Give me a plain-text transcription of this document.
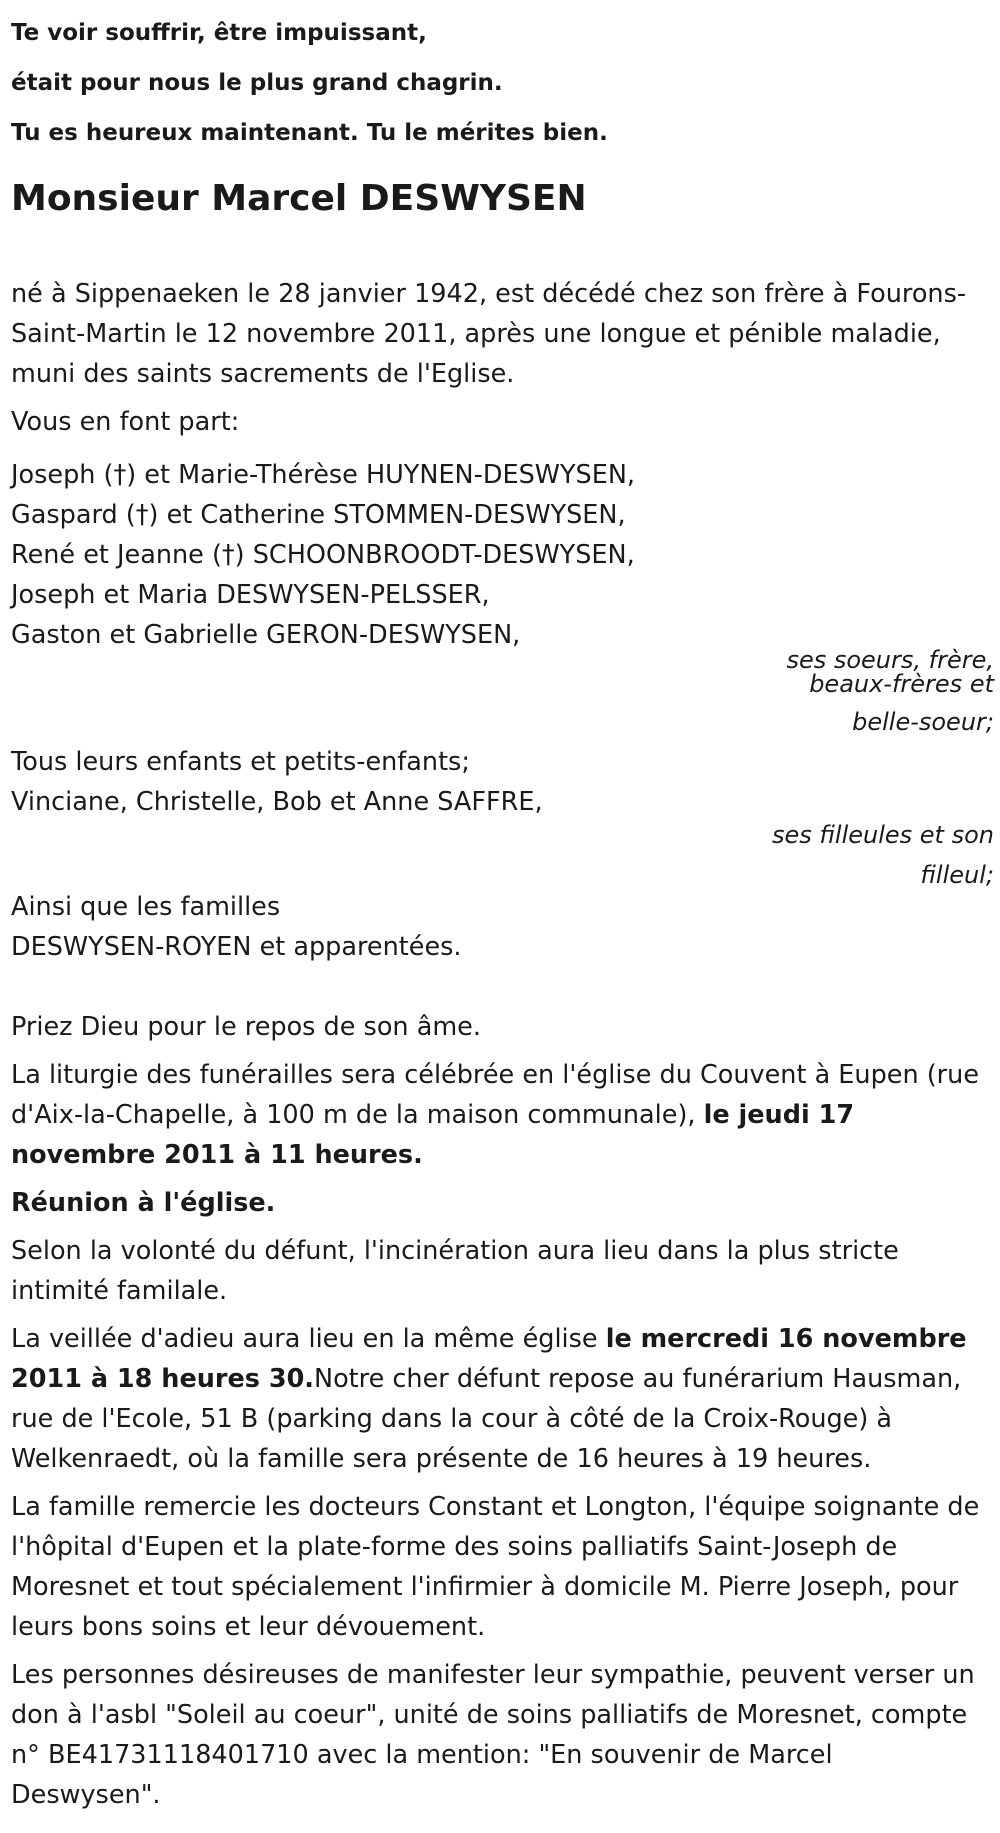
Te voir souffrir, être impuissant,
était pour nous le plus grand chagrin.
Tu es heureux maintenant. Tu le mérites bien.
Monsieur Marcel DESWYSEN

né à Sippenaeken le 28 janvier 1942, est décédé chez son frère à Fourons-Saint-Martin le 12 novembre 2011, après une longue et pénible maladie, muni des saints sacrements de l'Eglise.

Vous en font part:

Joseph (†) et Marie-Thérèse HUYNEN-DESWYSEN,
Gaspard (†) et Catherine STOMMEN-DESWYSEN,
René et Jeanne (†) SCHOONBROODT-DESWYSEN,
Joseph et Maria DESWYSEN-PELSSER,
Gaston et Gabrielle GERON-DESWYSEN,
ses soeurs, frère,
beaux-frères et
belle-soeur;
Tous leurs enfants et petits-enfants;
Vinciane, Christelle, Bob et Anne SAFFRE,
ses filleules et son
filleul;
Ainsi que les familles
DESWYSEN-ROYEN et apparentées.

Priez Dieu pour le repos de son âme.

La liturgie des funérailles sera célébrée en l'église du Couvent à Eupen (rue d'Aix-la-Chapelle, à 100 m de la maison communale), le jeudi 17 novembre 2011 à 11 heures.

Réunion à l'église.

Selon la volonté du défunt, l'incinération aura lieu dans la plus stricte intimité familale.

La veillée d'adieu aura lieu en la même église le mercredi 16 novembre 2011 à 18 heures 30.Notre cher défunt repose au funérarium Hausman, rue de l'Ecole, 51 B (parking dans la cour à côté de la Croix-Rouge) à Welkenraedt, où la famille sera présente de 16 heures à 19 heures.

La famille remercie les docteurs Constant et Longton, l'équipe soignante de l'hôpital d'Eupen et la plate-forme des soins palliatifs Saint-Joseph de Moresnet et tout spécialement l'infirmier à domicile M. Pierre Joseph, pour leurs bons soins et leur dévouement.

Les personnes désireuses de manifester leur sympathie, peuvent verser un don à l'asbl "Soleil au coeur", unité de soins palliatifs de Moresnet, compte n° BE41731118401710 avec la mention: "En souvenir de Marcel Deswysen".
